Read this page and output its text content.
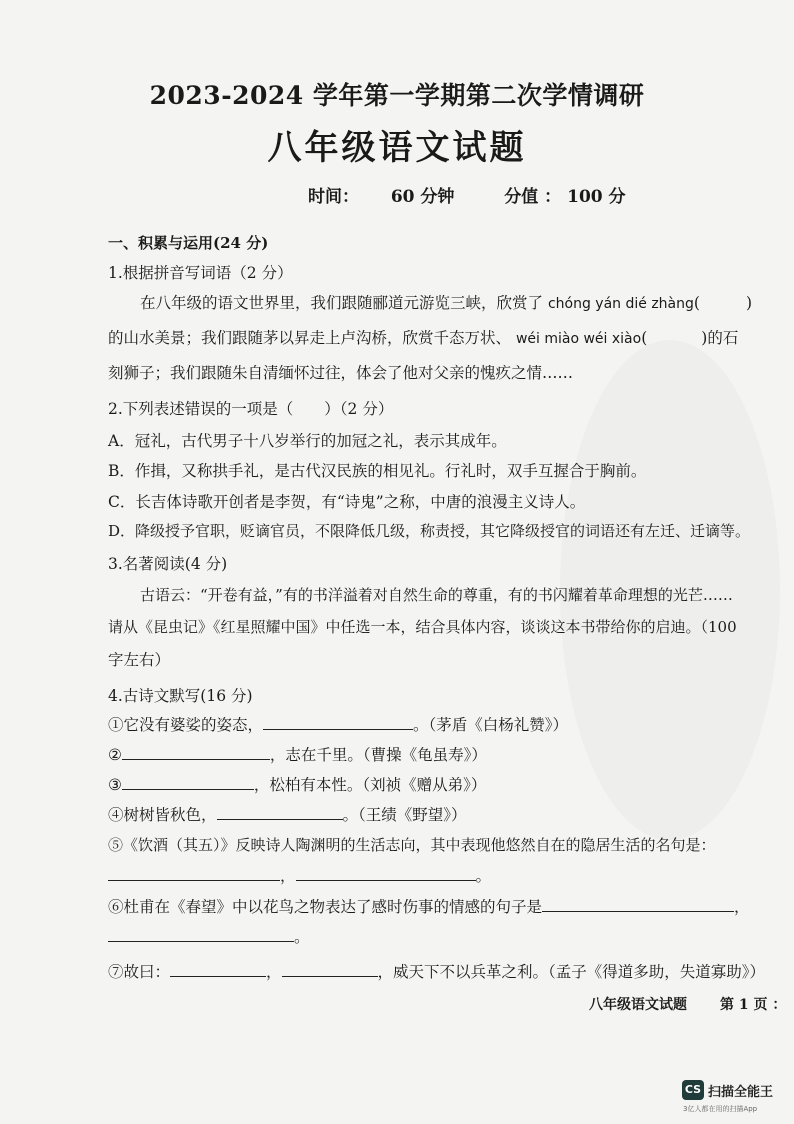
2023-2024 学年第一学期第二次学情调研
八年级语文试题
时间： 60 分钟	分值 ： 100 分
一、积累与运用(24 分)
1.根据拼音写词语（2 分）
在八年级的语文世界里，我们跟随郦道元游览三峡，欣赏了 chóng yán dié zhàng(	)
的山水美景；我们跟随茅以昇走上卢沟桥，欣赏千态万状、 wéi miào wéi xiào(	)的石
刻狮子；我们跟随朱自清缅怀过往，体会了他对父亲的愧疚之情……
2.下列表述错误的一项是（　　）（2 分）
A．冠礼，古代男子十八岁举行的加冠之礼，表示其成年。
B．作揖，又称拱手礼，是古代汉民族的相见礼。行礼时，双手互握合于胸前。
C．长吉体诗歌开创者是李贺，有“诗鬼”之称，中唐的浪漫主义诗人。
D．降级授予官职，贬谪官员，不限降低几级，称责授，其它降级授官的词语还有左迁、迁谪等。
3.名著阅读(4 分)
古语云：“开卷有益，”有的书洋溢着对自然生命的尊重，有的书闪耀着革命理想的光芒……
请从《昆虫记》《红星照耀中国》中任选一本，结合具体内容，谈谈这本书带给你的启迪。（100
字左右）
4.古诗文默写(16 分)
①它没有婆娑的姿态，	。（茅盾《白杨礼赞》）
②	，志在千里。（曹操《龟虽寿》）
③	，松柏有本性。（刘祯《赠从弟》）
④树树皆秋色，	。（王绩《野望》）
⑤《饮酒（其五）》反映诗人陶渊明的生活志向，其中表现他悠然自在的隐居生活的名句是：
，	。
⑥杜甫在《春望》中以花鸟之物表达了感时伤事的情感的句子是	，
。
⑦故曰：	，	，威天下不以兵革之利。（孟子《得道多助，失道寡助》）
八年级语文试题 第 1 页 ：
CS 扫描全能王
3亿人都在用的扫描App
